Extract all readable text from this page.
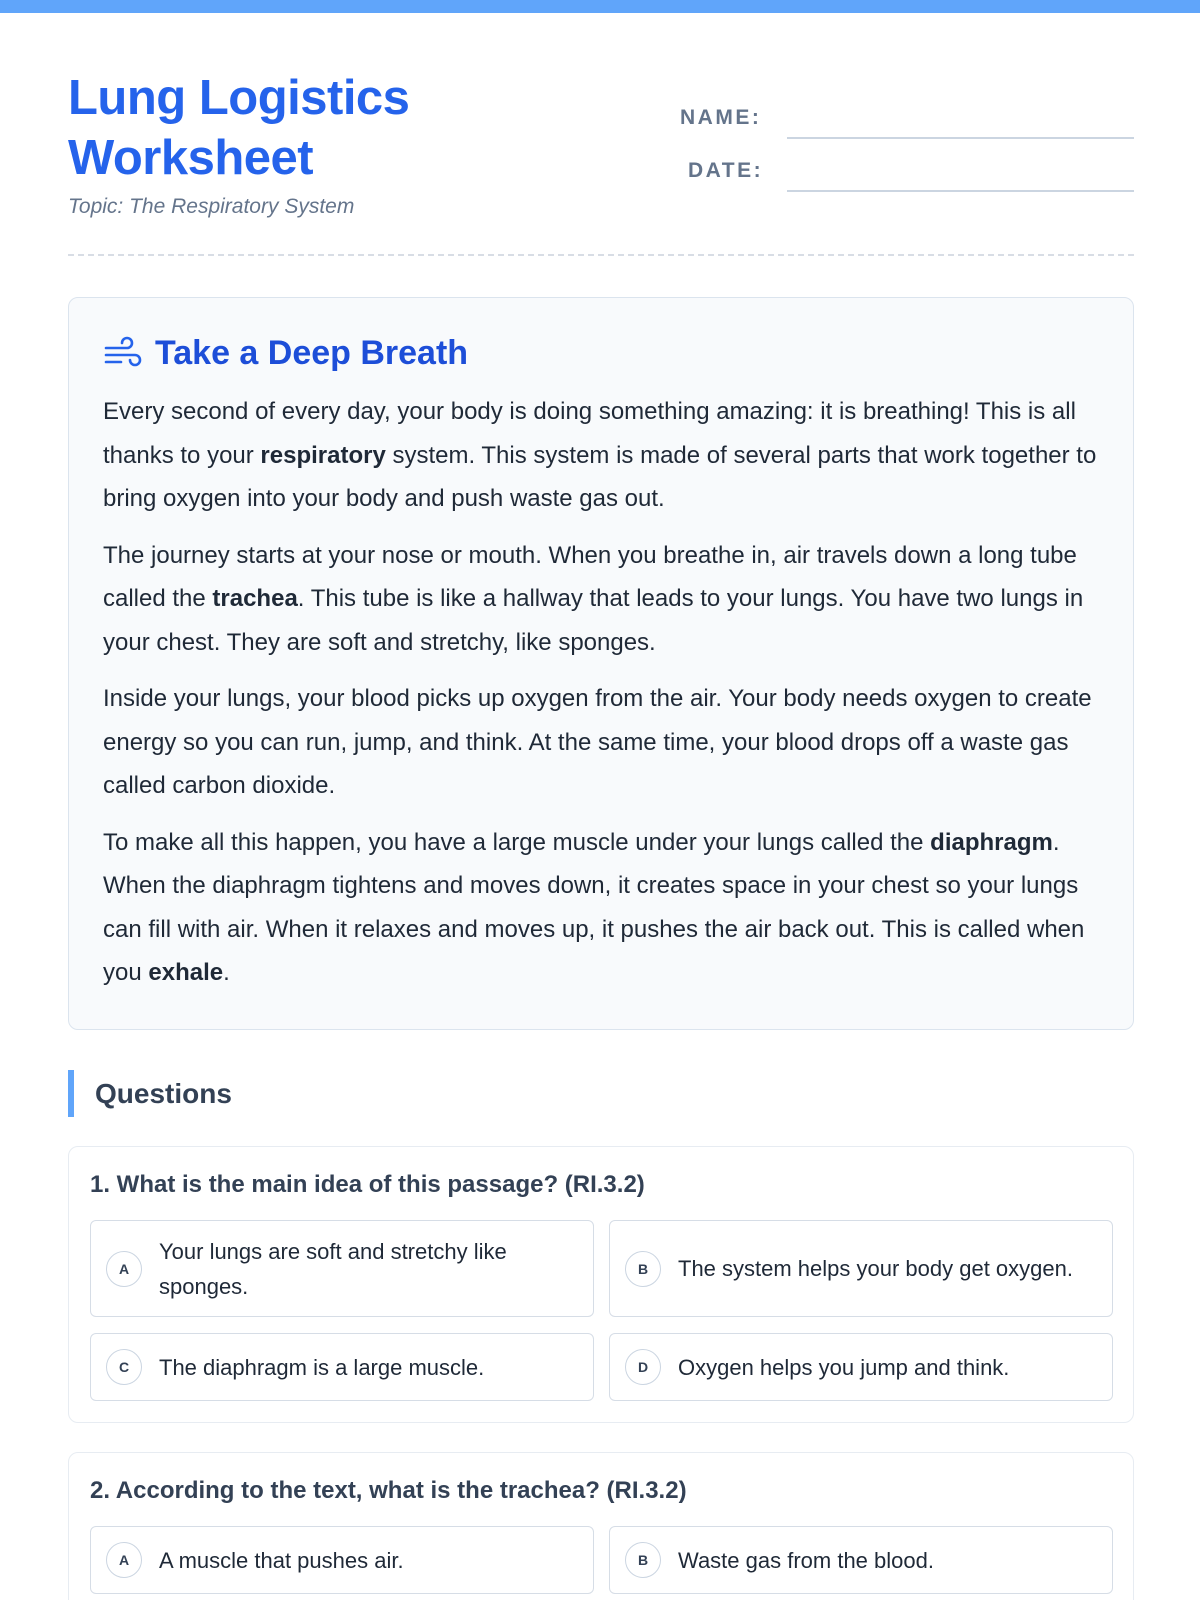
Lung Logistics Worksheet
Topic: The Respiratory System
NAME:
DATE:
Take a Deep Breath

Every second of every day, your body is doing something amazing: it is breathing! This is all thanks to your respiratory system. This system is made of several parts that work together to bring oxygen into your body and push waste gas out.

The journey starts at your nose or mouth. When you breathe in, air travels down a long tube called the trachea. This tube is like a hallway that leads to your lungs. You have two lungs in your chest. They are soft and stretchy, like sponges.

Inside your lungs, your blood picks up oxygen from the air. Your body needs oxygen to create energy so you can run, jump, and think. At the same time, your blood drops off a waste gas called carbon dioxide.

To make all this happen, you have a large muscle under your lungs called the diaphragm. When the diaphragm tightens and moves down, it creates space in your chest so your lungs can fill with air. When it relaxes and moves up, it pushes the air back out. This is called when you exhale.

Questions
1. What is the main idea of this passage? (RI.3.2)
A
Your lungs are soft and stretchy like sponges.
B	The system helps your body get oxygen.
C	The diaphragm is a large muscle.	D	Oxygen helps you jump and think.
2. According to the text, what is the trachea? (RI.3.2)
A	A muscle that pushes air.	B	Waste gas from the blood.
